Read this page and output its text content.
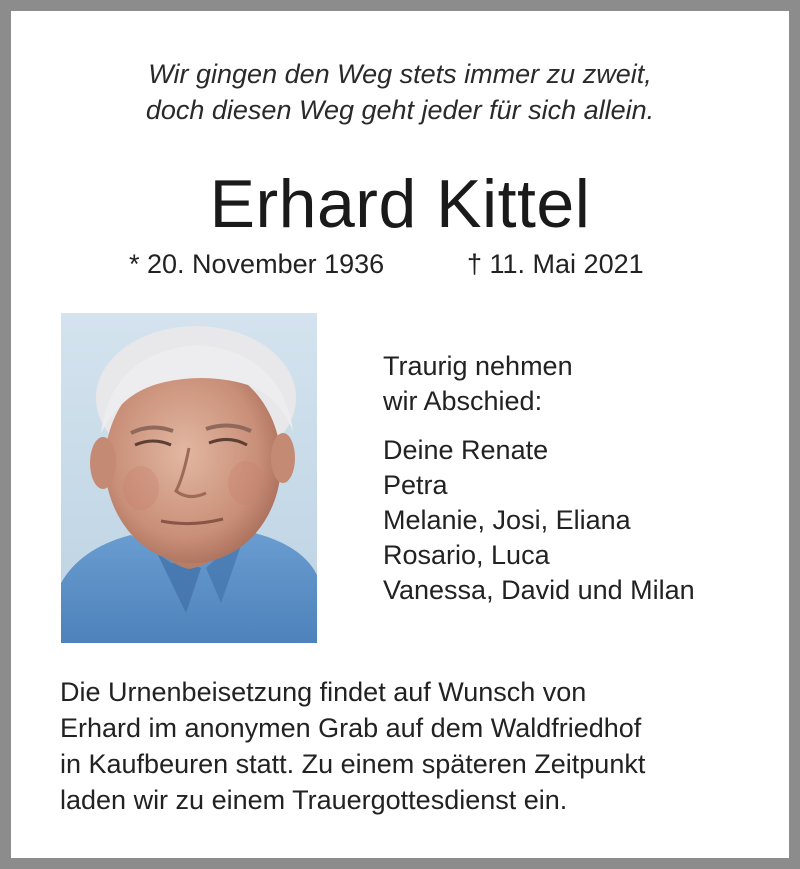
Wir gingen den Weg stets immer zu zweit,
doch diesen Weg geht jeder für sich allein.
Erhard Kittel
* 20. November 1936	† 11. Mai 2021
Traurig nehmen
wir Abschied:
Deine Renate
Petra
Melanie, Josi, Eliana
Rosario, Luca
Vanessa, David und Milan
Die Urnenbeisetzung findet auf Wunsch von
Erhard im anonymen Grab auf dem Waldfriedhof
in Kaufbeuren statt. Zu einem späteren Zeitpunkt
laden wir zu einem Trauergottesdienst ein.
